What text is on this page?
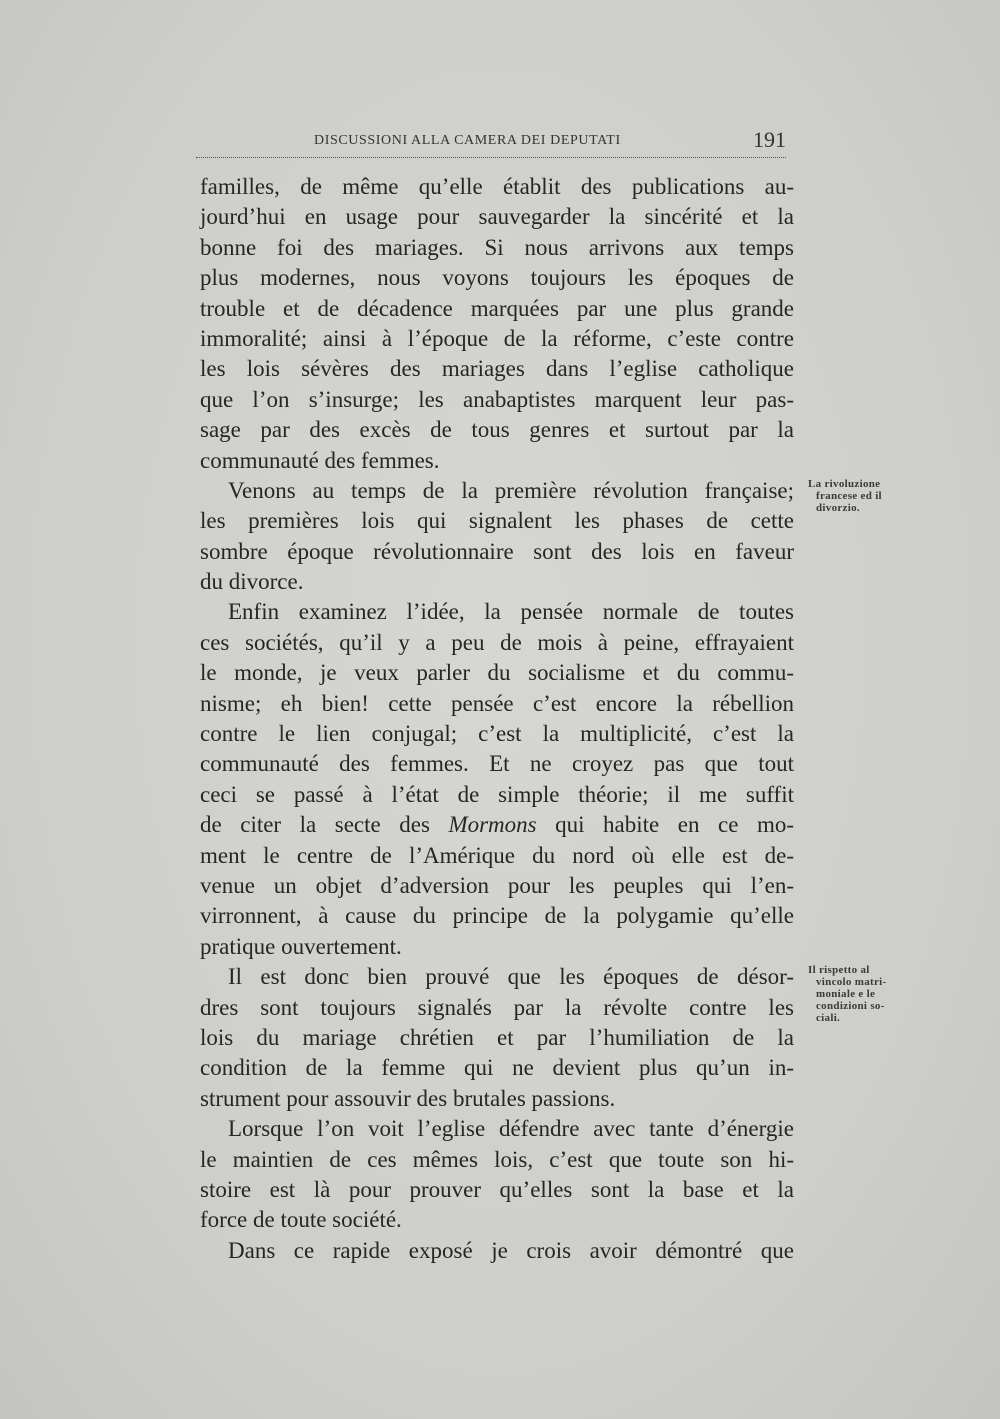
DISCUSSIONI ALLA CAMERA DEI DEPUTATI	191
familles, de même qu’elle établit des publications au-
jourd’hui en usage pour sauvegarder la sincérité et la
bonne foi des mariages. Si nous arrivons aux temps
plus modernes, nous voyons toujours les époques de
trouble et de décadence marquées par une plus grande
immoralité; ainsi à l’époque de la réforme, c’este contre
les lois sévères des mariages dans l’eglise catholique
que l’on s’insurge; les anabaptistes marquent leur pas-
sage par des excès de tous genres et surtout par la
communauté des femmes.
Venons au temps de la première révolution française;
les premières lois qui signalent les phases de cette
sombre époque révolutionnaire sont des lois en faveur
du divorce.
Enfin examinez l’idée, la pensée normale de toutes
ces sociétés, qu’il y a peu de mois à peine, effrayaient
le monde, je veux parler du socialisme et du commu-
nisme; eh bien! cette pensée c’est encore la rébellion
contre le lien conjugal; c’est la multiplicité, c’est la
communauté des femmes. Et ne croyez pas que tout
ceci se passé à l’état de simple théorie; il me suffit
de citer la secte des Mormons qui habite en ce mo-
ment le centre de l’Amérique du nord où elle est de-
venue un objet d’adversion pour les peuples qui l’en-
virronnent, à cause du principe de la polygamie qu’elle
pratique ouvertement.
Il est donc bien prouvé que les époques de désor-
dres sont toujours signalés par la révolte contre les
lois du mariage chrétien et par l’humiliation de la
condition de la femme qui ne devient plus qu’un in-
strument pour assouvir des brutales passions.
Lorsque l’on voit l’eglise défendre avec tante d’énergie
le maintien de ces mêmes lois, c’est que toute son hi-
stoire est là pour prouver qu’elles sont la base et la
force de toute société.
Dans ce rapide exposé je crois avoir démontré que
La rivoluzione
francese ed il
divorzio.
Il rispetto al
vincolo matri-
moniale e le
condizioni so-
ciali.
